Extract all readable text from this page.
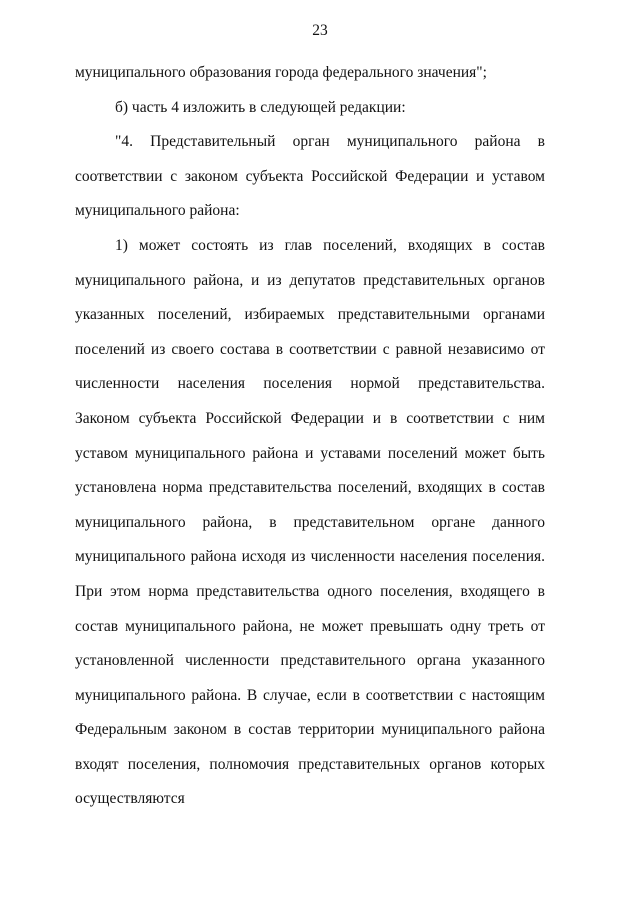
23

муниципального образования города федерального значения";

б) часть 4 изложить в следующей редакции:

"4. Представительный орган муниципального района в соответствии с законом субъекта Российской Федерации и уставом муниципального района:

1) может состоять из глав поселений, входящих в состав муниципального района, и из депутатов представительных органов указанных поселений, избираемых представительными органами поселений из своего состава в соответствии с равной независимо от численности населения поселения нормой представительства. Законом субъекта Российской Федерации и в соответствии с ним уставом муниципального района и уставами поселений может быть установлена норма представительства поселений, входящих в состав муниципального района, в представительном органе данного муниципального района исходя из численности населения поселения. При этом норма представительства одного поселения, входящего в состав муниципального района, не может превышать одну треть от установленной численности представительного органа указанного муниципального района. В случае, если в соответствии с настоящим Федеральным законом в состав территории муниципального района входят поселения, полномочия представительных органов которых осуществляются
